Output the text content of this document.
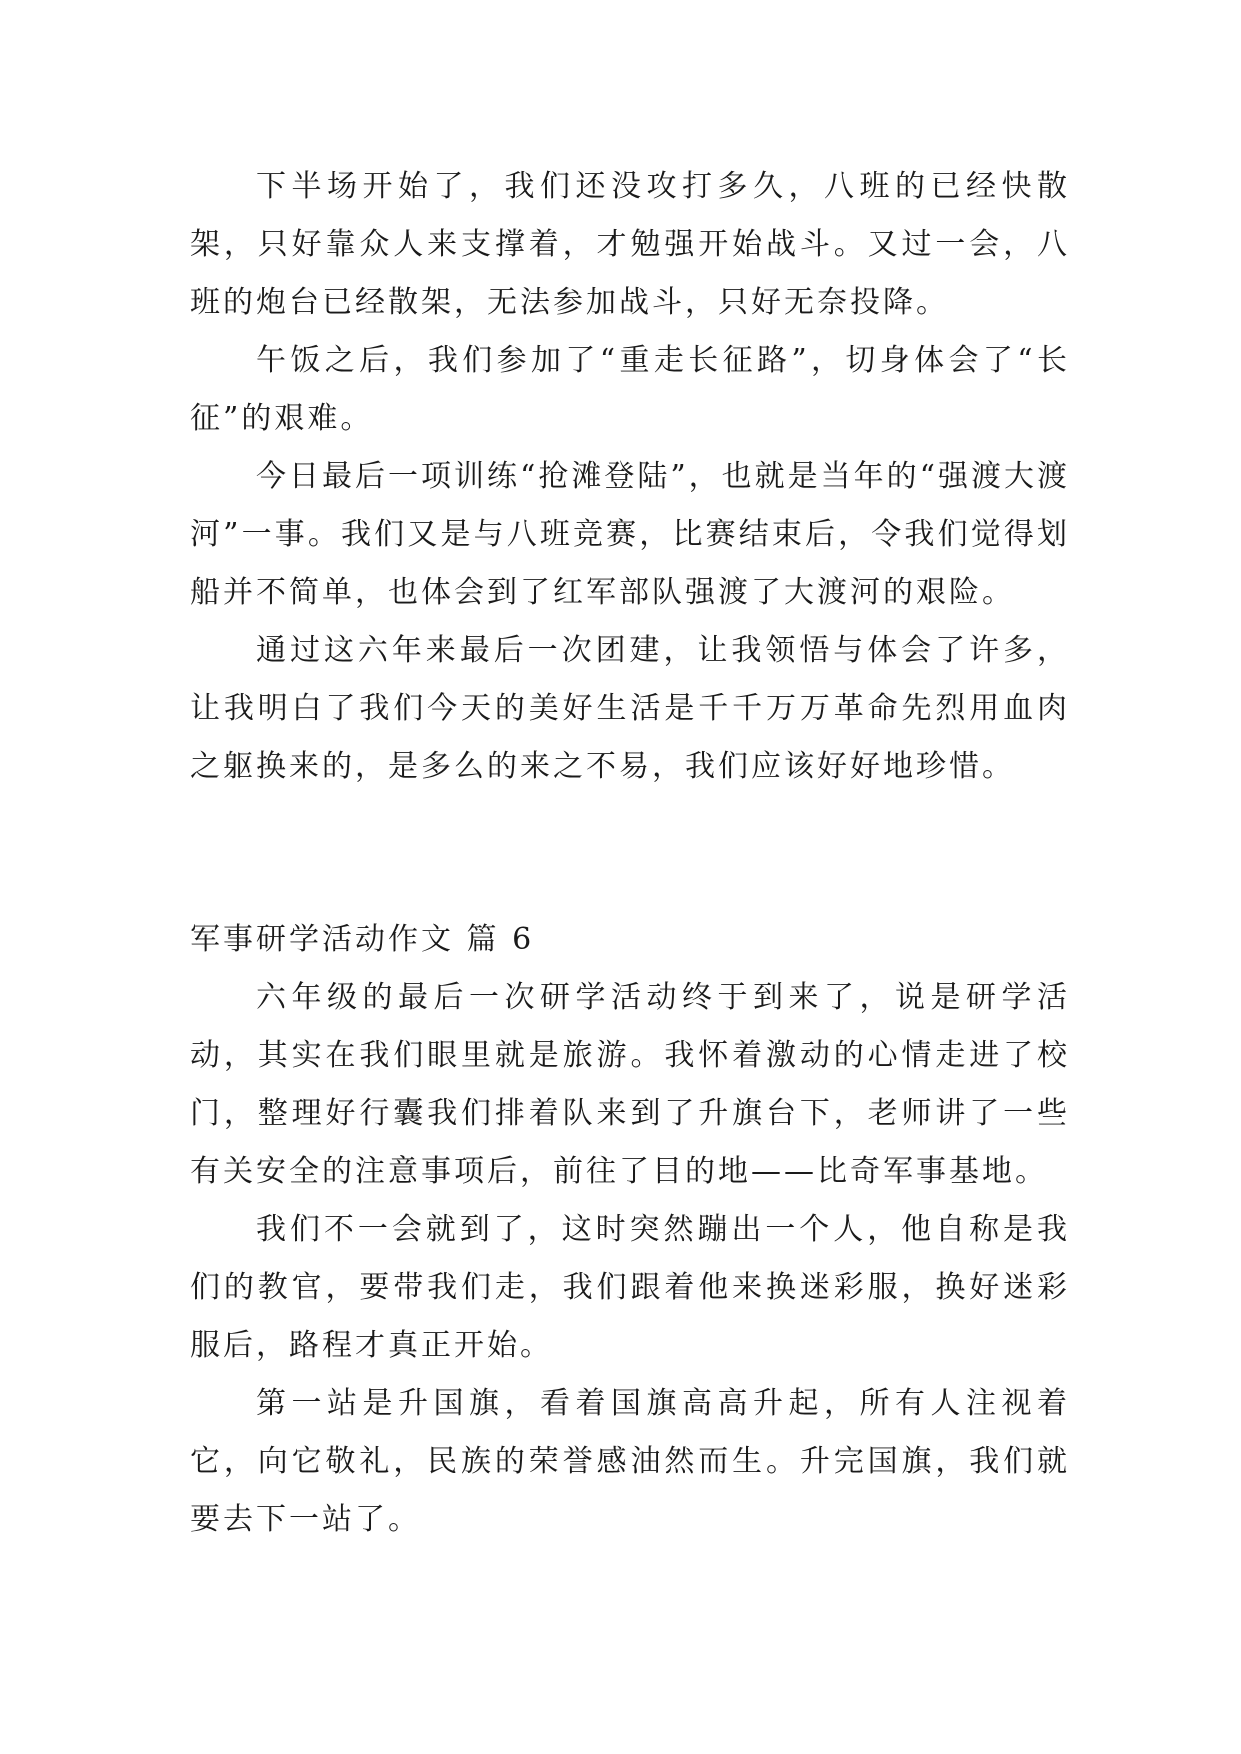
下半场开始了，我们还没攻打多久，八班的已经快散架，只好靠众人来支撑着，才勉强开始战斗。又过一会，八班的炮台已经散架，无法参加战斗，只好无奈投降。

午饭之后，我们参加了“重走长征路”，切身体会了“长征”的艰难。

今日最后一项训练“抢滩登陆”，也就是当年的“强渡大渡河”一事。我们又是与八班竞赛，比赛结束后，令我们觉得划船并不简单，也体会到了红军部队强渡了大渡河的艰险。

通过这六年来最后一次团建，让我领悟与体会了许多，让我明白了我们今天的美好生活是千千万万革命先烈用血肉之躯换来的，是多么的来之不易，我们应该好好地珍惜。

军事研学活动作文 篇 6

六年级的最后一次研学活动终于到来了，说是研学活动，其实在我们眼里就是旅游。我怀着激动的心情走进了校门，整理好行囊我们排着队来到了升旗台下，老师讲了一些有关安全的注意事项后，前往了目的地——比奇军事基地。

我们不一会就到了，这时突然蹦出一个人，他自称是我们的教官，要带我们走，我们跟着他来换迷彩服，换好迷彩服后，路程才真正开始。

第一站是升国旗，看着国旗高高升起，所有人注视着它，向它敬礼，民族的荣誉感油然而生。升完国旗，我们就要去下一站了。
